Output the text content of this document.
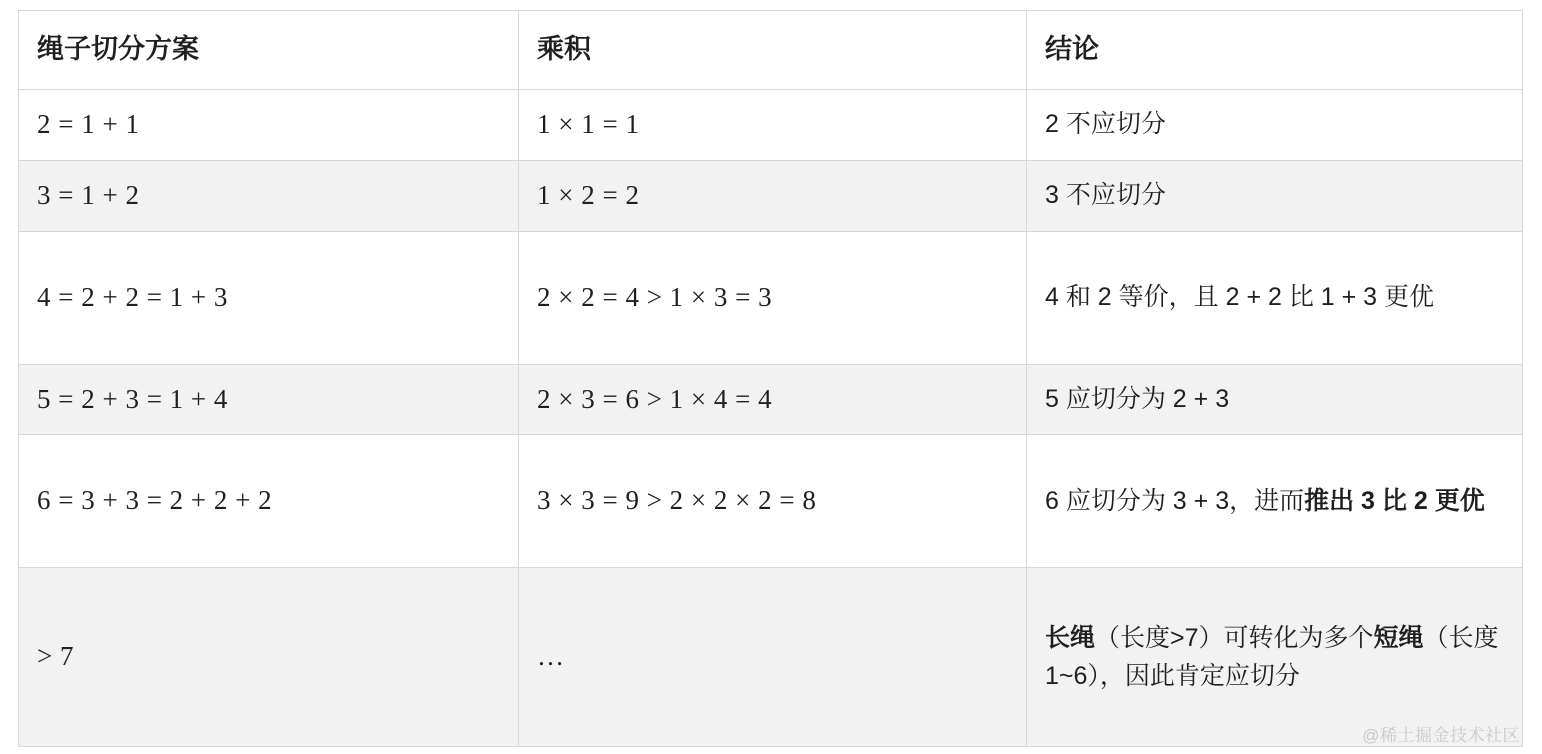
绳子切分方案	乘积	结论
2 = 1 + 1	1 × 1 = 1	2 不应切分
3 = 1 + 2	1 × 2 = 2	3 不应切分
4 = 2 + 2 = 1 + 3	2 × 2 = 4 > 1 × 3 = 3	4 和 2 等价，且 2 + 2 比 1 + 3 更优
5 = 2 + 3 = 1 + 4	2 × 3 = 6 > 1 × 4 = 4	5 应切分为 2 + 3
6 = 3 + 3 = 2 + 2 + 2	3 × 3 = 9 > 2 × 2 × 2 = 8	6 应切分为 3 + 3，进而推出 3 比 2 更优
> 7	…	长绳（长度>7）可转化为多个短绳（长度1~6），因此肯定应切分
@稀土掘金技术社区
